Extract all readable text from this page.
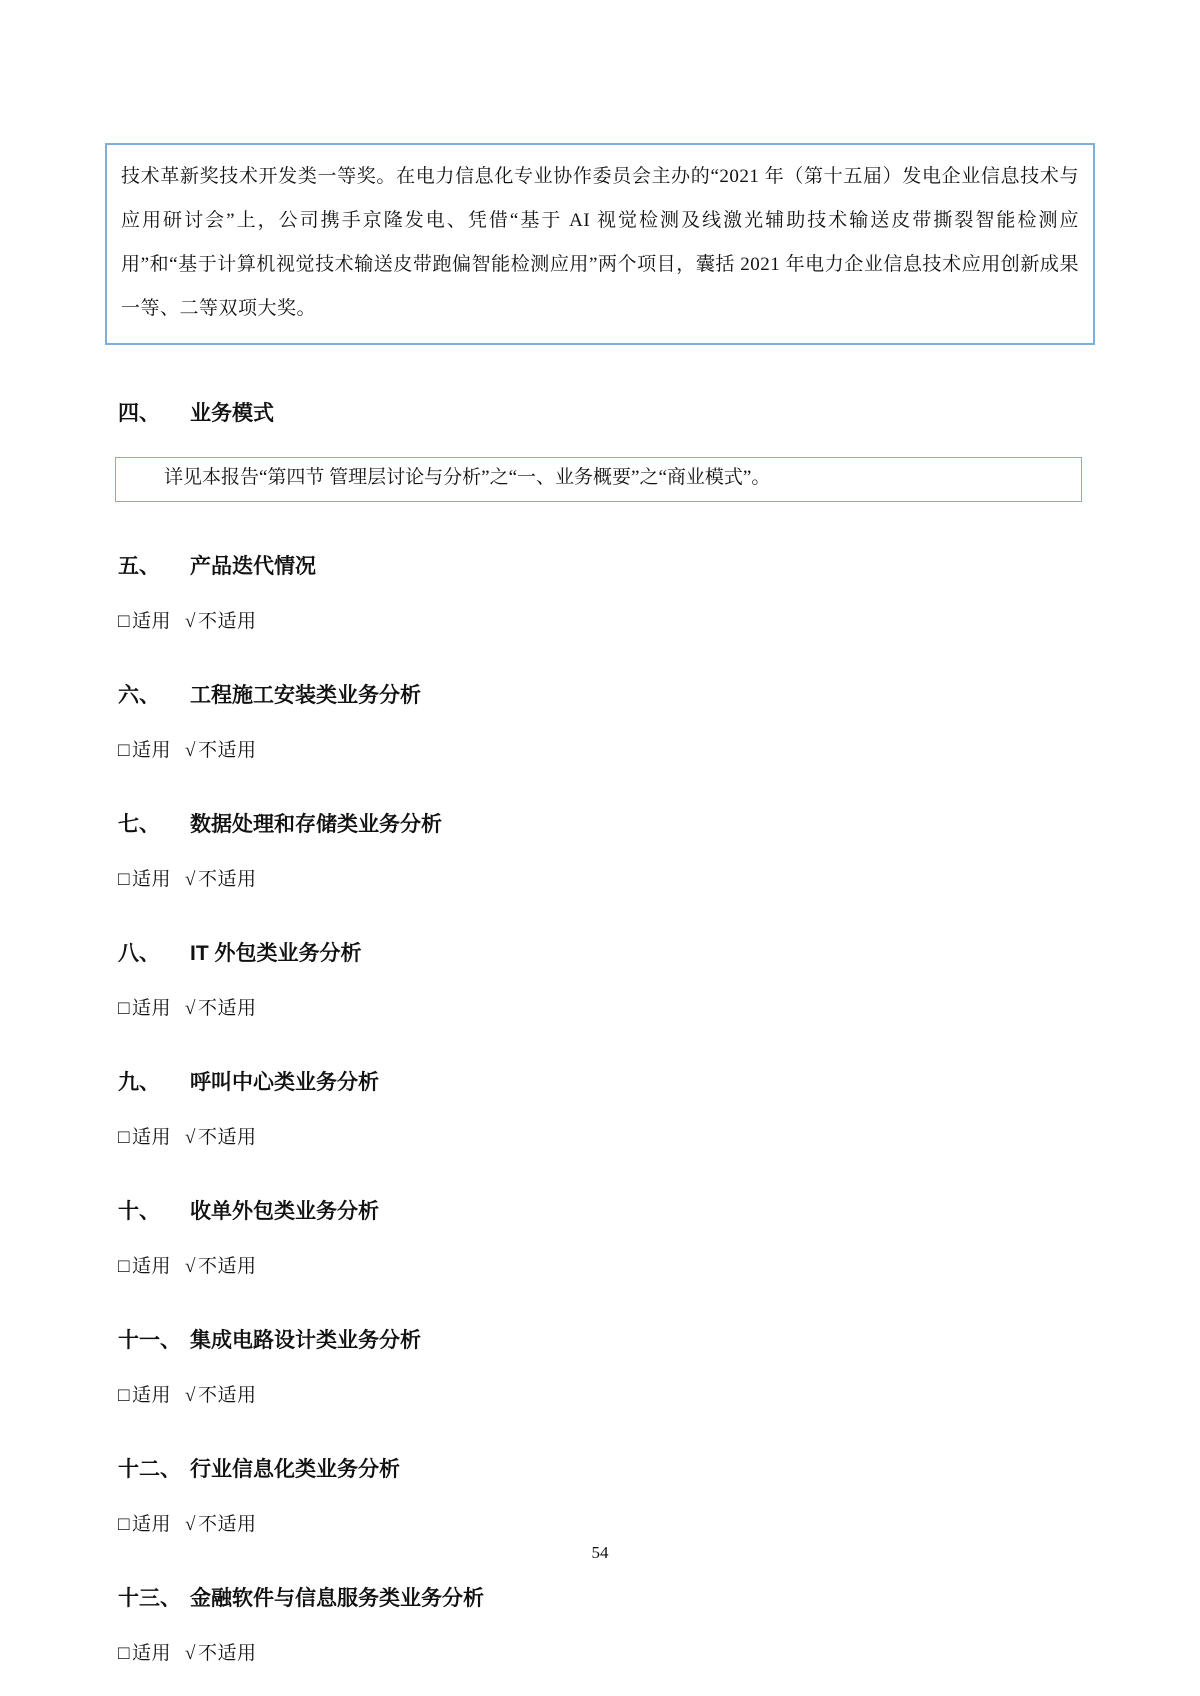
技术革新奖技术开发类一等奖。在电力信息化专业协作委员会主办的“2021 年（第十五届）发电企业信息技术与应用研讨会”上，公司携手京隆发电、凭借“基于 AI 视觉检测及线激光辅助技术输送皮带撕裂智能检测应用”和“基于计算机视觉技术输送皮带跑偏智能检测应用”两个项目，囊括 2021 年电力企业信息技术应用创新成果一等、二等双项大奖。
四、	业务模式
详见本报告“第四节 管理层讨论与分析”之“一、业务概要”之“商业模式”。
五、	产品迭代情况
□ 适用 √ 不适用
六、	工程施工安装类业务分析
□ 适用 √ 不适用
七、	数据处理和存储类业务分析
□ 适用 √ 不适用
八、	IT 外包类业务分析
□ 适用 √ 不适用
九、	呼叫中心类业务分析
□ 适用 √ 不适用
十、	收单外包类业务分析
□ 适用 √ 不适用
十一、 集成电路设计类业务分析
□ 适用 √ 不适用
十二、 行业信息化类业务分析
□ 适用 √ 不适用
十三、 金融软件与信息服务类业务分析
□ 适用 √ 不适用
54
